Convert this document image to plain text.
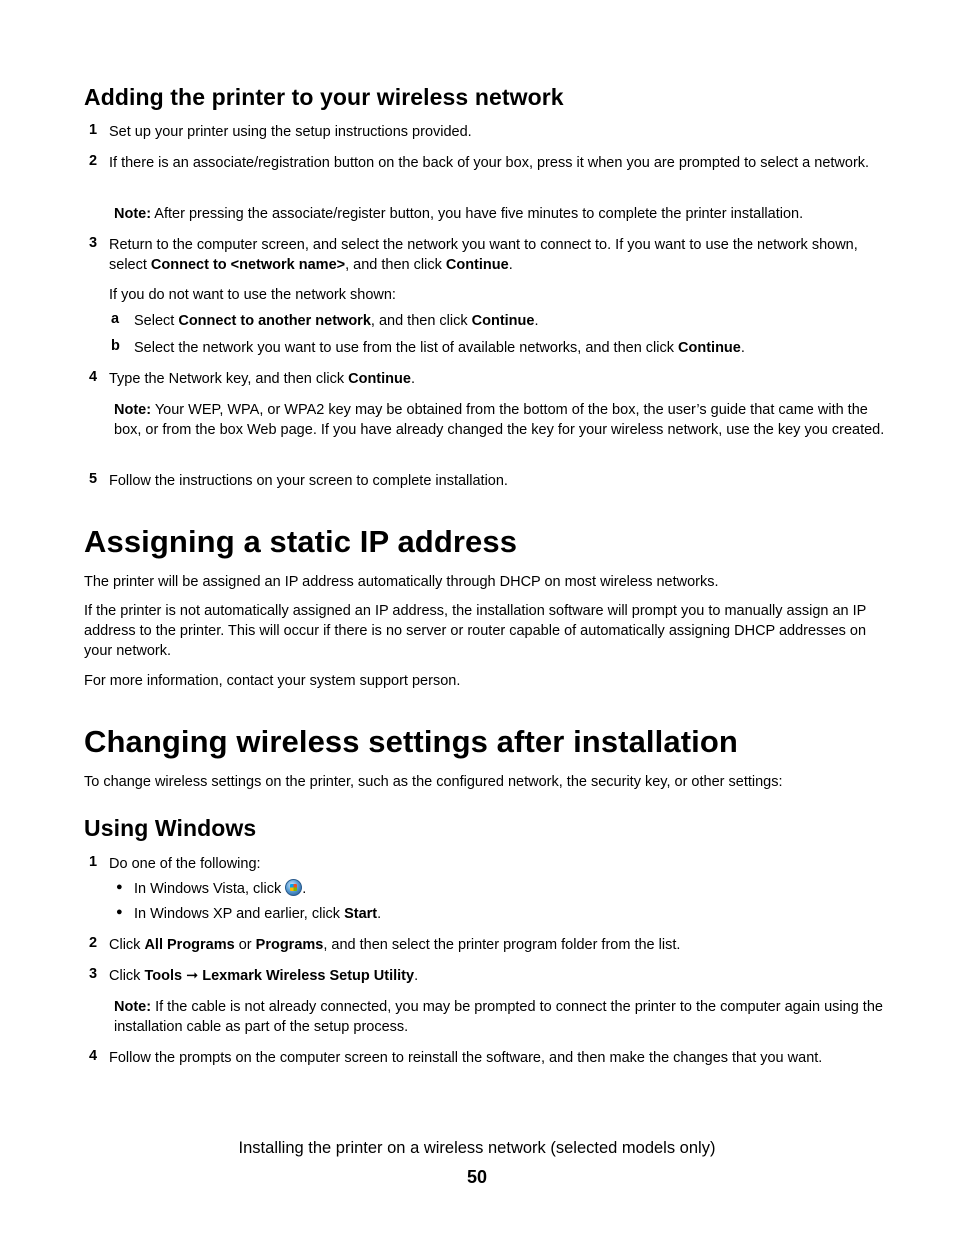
Adding the printer to your wireless network
1 Set up your printer using the setup instructions provided.
2 If there is an associate/registration button on the back of your box, press it when you are prompted to select a network.
Note: After pressing the associate/register button, you have five minutes to complete the printer installation.
3 Return to the computer screen, and select the network you want to connect to. If you want to use the network shown, select Connect to <network name>, and then click Continue.
If you do not want to use the network shown:
a Select Connect to another network, and then click Continue.
b Select the network you want to use from the list of available networks, and then click Continue.
4 Type the Network key, and then click Continue.
Note: Your WEP, WPA, or WPA2 key may be obtained from the bottom of the box, the user’s guide that came with the box, or from the box Web page. If you have already changed the key for your wireless network, use the key you created.
5 Follow the instructions on your screen to complete installation.
Assigning a static IP address
The printer will be assigned an IP address automatically through DHCP on most wireless networks.
If the printer is not automatically assigned an IP address, the installation software will prompt you to manually assign an IP address to the printer. This will occur if there is no server or router capable of automatically assigning DHCP addresses on your network.
For more information, contact your system support person.
Changing wireless settings after installation
To change wireless settings on the printer, such as the configured network, the security key, or other settings:
Using Windows
1 Do one of the following:
● In Windows Vista, click .
● In Windows XP and earlier, click Start.
2 Click All Programs or Programs, and then select the printer program folder from the list.
3 Click Tools ➞ Lexmark Wireless Setup Utility.
Note: If the cable is not already connected, you may be prompted to connect the printer to the computer again using the installation cable as part of the setup process.
4 Follow the prompts on the computer screen to reinstall the software, and then make the changes that you want.
Installing the printer on a wireless network (selected models only)
50
